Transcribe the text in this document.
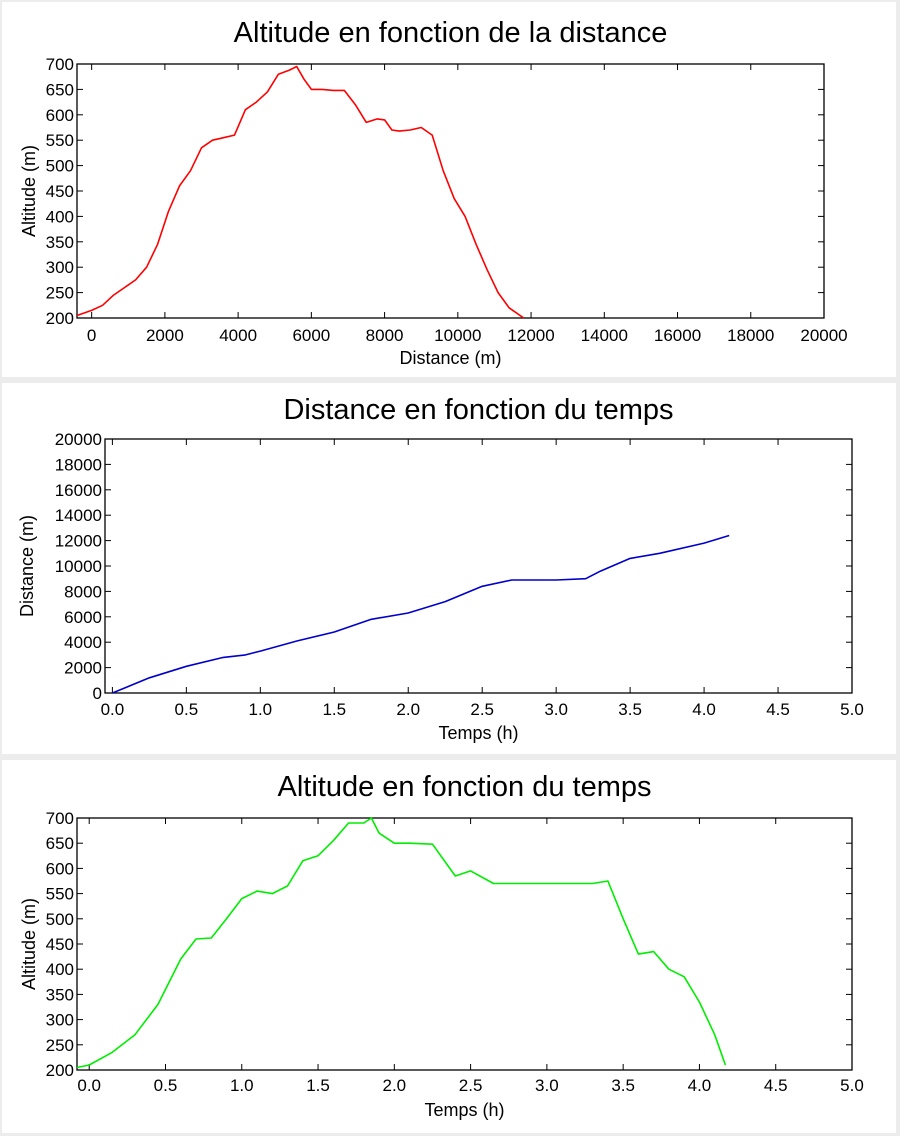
Altitude en fonction de la distance
0	2000 4000 6000 8000 10000 12000 14000 16000 18000 20000
200
250
300
350
400
450
500
550
600
650
700
Distance (m)
Altitude (m)
Distance en fonction du temps
0.0	0.5	1.0	1.5	2.0	2.5	3.0	3.5	4.0	4.5	5.0
0
2000
4000
6000
8000
10000
12000
14000
16000
18000
20000
Temps (h)
Distance (m)
Altitude en fonction du temps
0.0	0.5	1.0	1.5	2.0	2.5	3.0	3.5	4.0	4.5	5.0
200
250
300
350
400
450
500
550
600
650
700
Temps (h)
Altitude (m)
